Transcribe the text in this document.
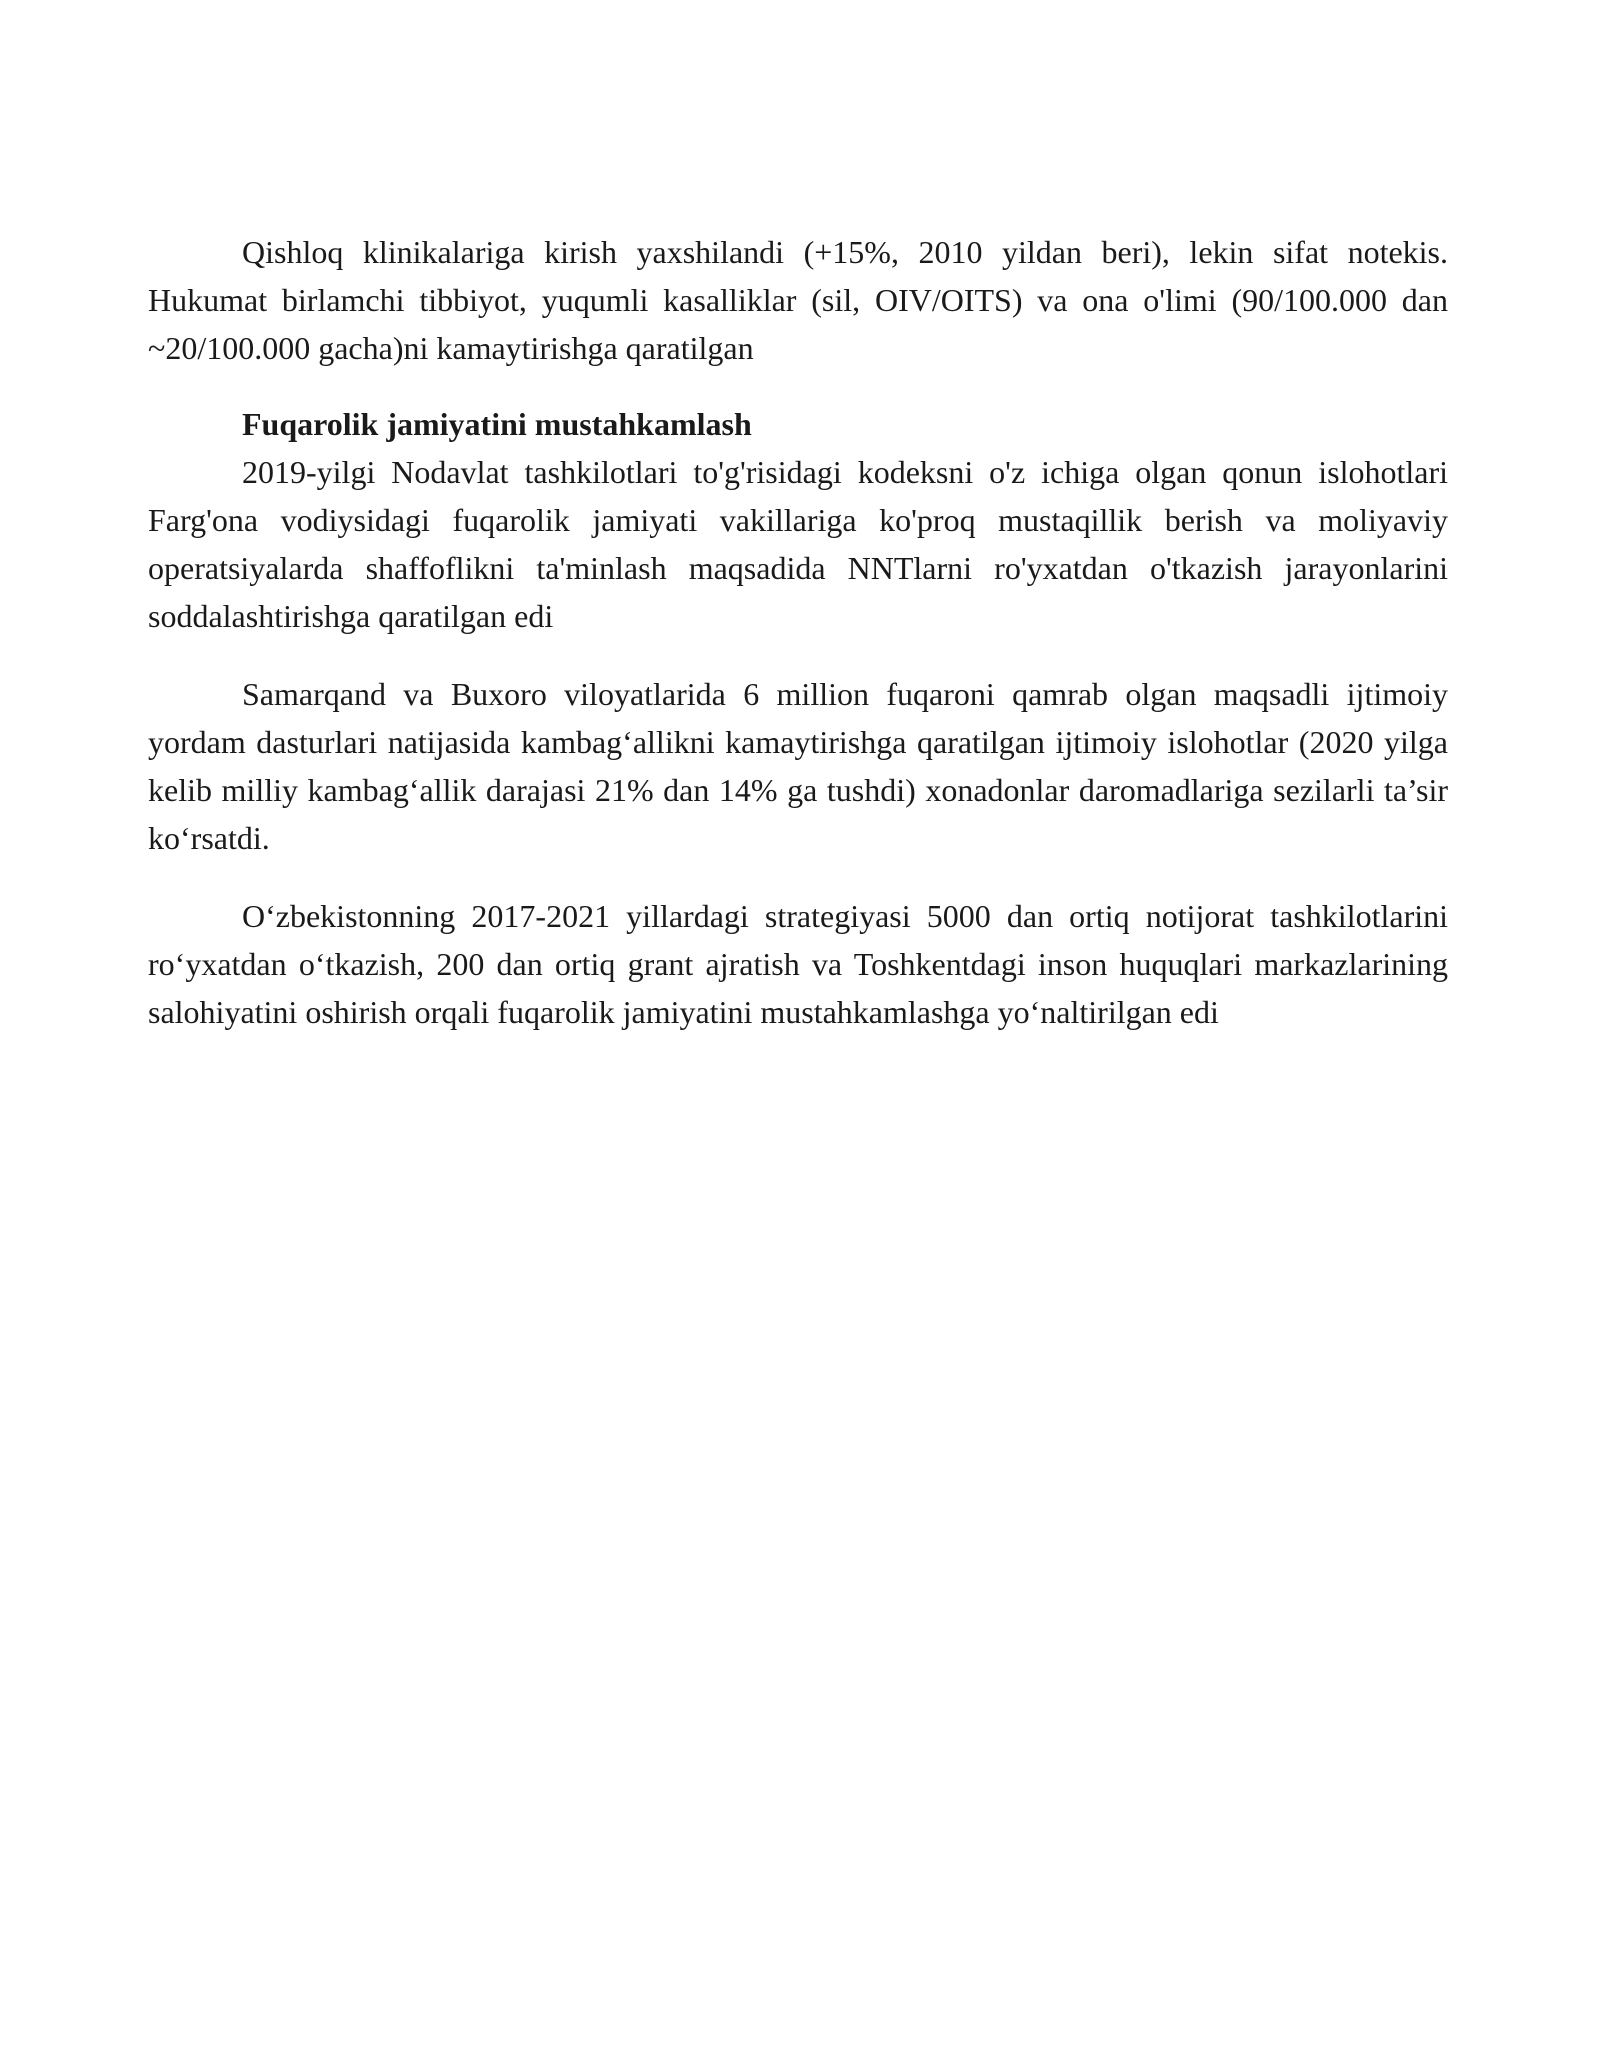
Qishloq klinikalariga kirish yaxshilandi (+15%, 2010 yildan beri), lekin sifat notekis. Hukumat birlamchi tibbiyot, yuqumli kasalliklar (sil, OIV/OITS) va ona o'limi (90/100.000 dan ~20/100.000 gacha)ni kamaytirishga qaratilgan

Fuqarolik jamiyatini mustahkamlash

2019-yilgi Nodavlat tashkilotlari to'g'risidagi kodeksni o'z ichiga olgan qonun islohotlari Farg'ona vodiysidagi fuqarolik jamiyati vakillariga ko'proq mustaqillik berish va moliyaviy operatsiyalarda shaffoflikni ta'minlash maqsadida NNTlarni ro'yxatdan o'tkazish jarayonlarini soddalashtirishga qaratilgan edi

Samarqand va Buxoro viloyatlarida 6 million fuqaroni qamrab olgan maqsadli ijtimoiy yordam dasturlari natijasida kambag‘allikni kamaytirishga qaratilgan ijtimoiy islohotlar (2020 yilga kelib milliy kambag‘allik darajasi 21% dan 14% ga tushdi) xonadonlar daromadlariga sezilarli ta’sir ko‘rsatdi.

O‘zbekistonning 2017-2021 yillardagi strategiyasi 5000 dan ortiq notijorat tashkilotlarini ro‘yxatdan o‘tkazish, 200 dan ortiq grant ajratish va Toshkentdagi inson huquqlari markazlarining salohiyatini oshirish orqali fuqarolik jamiyatini mustahkamlashga yo‘naltirilgan edi
